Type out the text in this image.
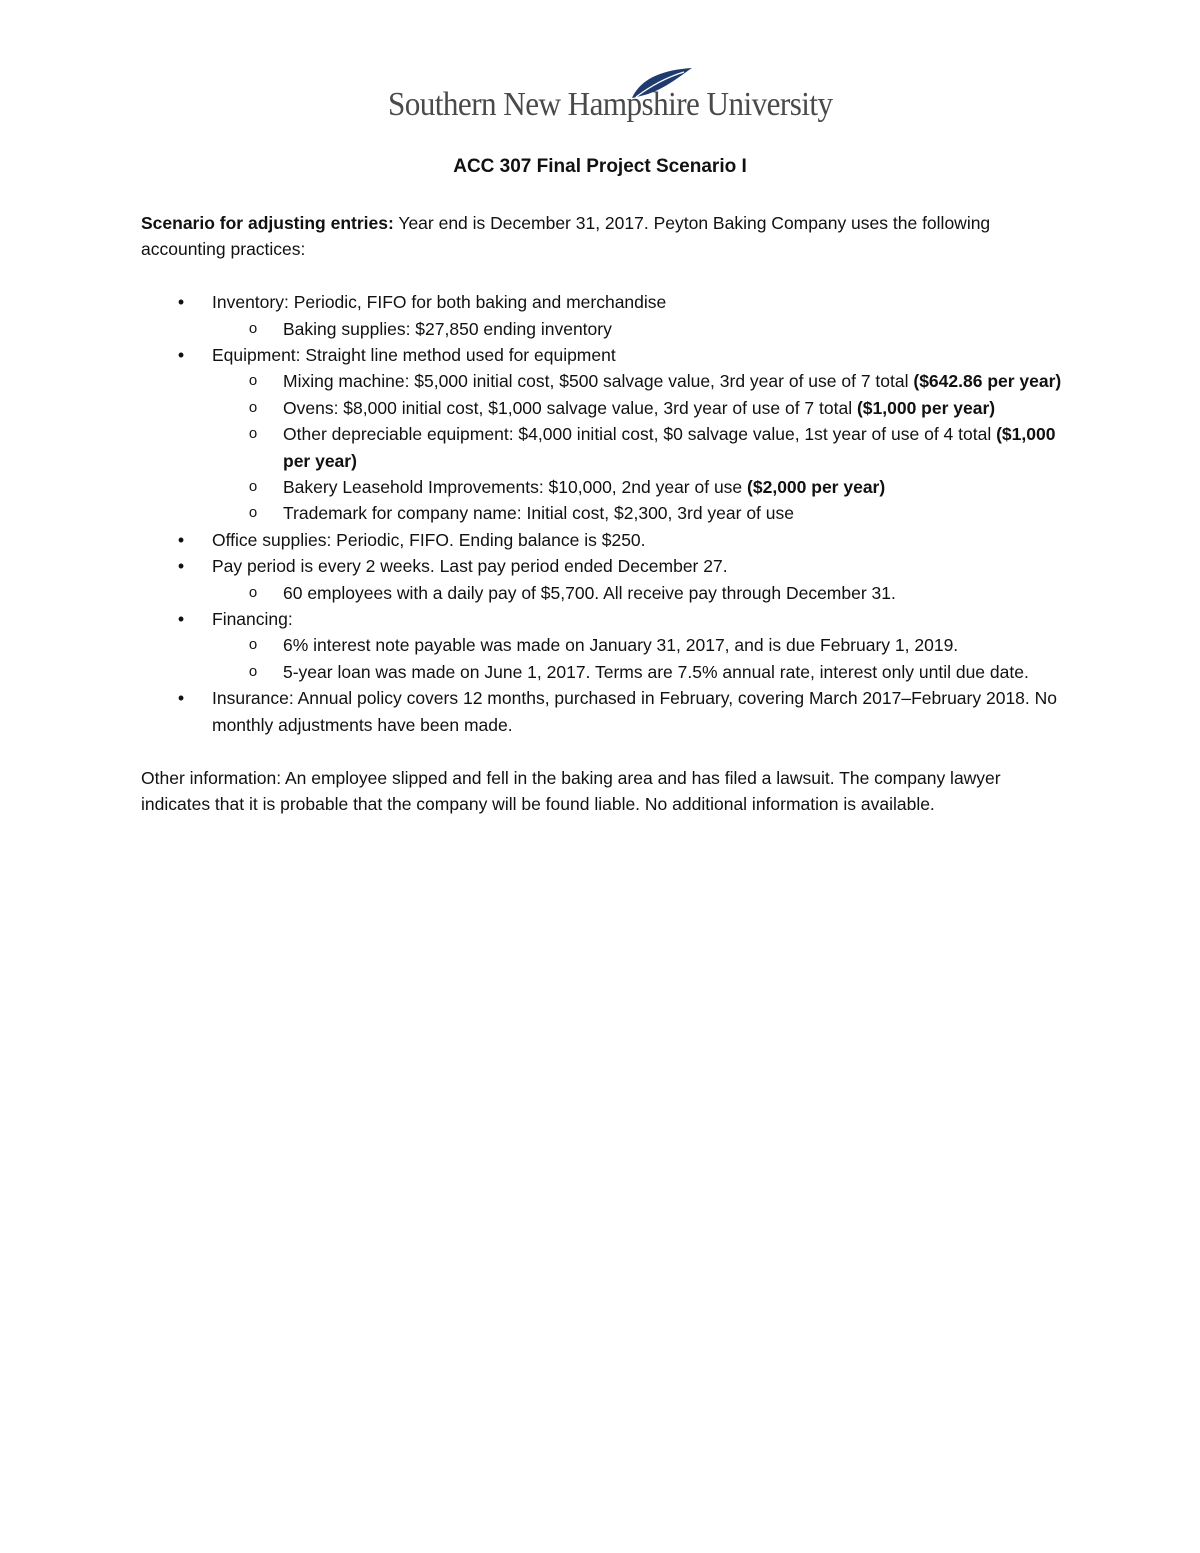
Southern New Hampshire University
ACC 307 Final Project Scenario I

Scenario for adjusting entries: Year end is December 31, 2017. Peyton Baking Company uses the following accounting practices:

• Inventory: Periodic, FIFO for both baking and merchandise
o Baking supplies: $27,850 ending inventory
• Equipment: Straight line method used for equipment
o Mixing machine: $5,000 initial cost, $500 salvage value, 3rd year of use of 7 total ($642.86 per year)
o Ovens: $8,000 initial cost, $1,000 salvage value, 3rd year of use of 7 total ($1,000 per year)
o Other depreciable equipment: $4,000 initial cost, $0 salvage value, 1st year of use of 4 total ($1,000 per year)
o Bakery Leasehold Improvements: $10,000, 2nd year of use ($2,000 per year)
o Trademark for company name: Initial cost, $2,300, 3rd year of use
• Office supplies: Periodic, FIFO. Ending balance is $250.
• Pay period is every 2 weeks. Last pay period ended December 27.
o 60 employees with a daily pay of $5,700. All receive pay through December 31.
• Financing:
o 6% interest note payable was made on January 31, 2017, and is due February 1, 2019.
o 5-year loan was made on June 1, 2017. Terms are 7.5% annual rate, interest only until due date.
• Insurance: Annual policy covers 12 months, purchased in February, covering March 2017–February 2018. No monthly adjustments have been made.

Other information: An employee slipped and fell in the baking area and has filed a lawsuit. The company lawyer indicates that it is probable that the company will be found liable. No additional information is available.
